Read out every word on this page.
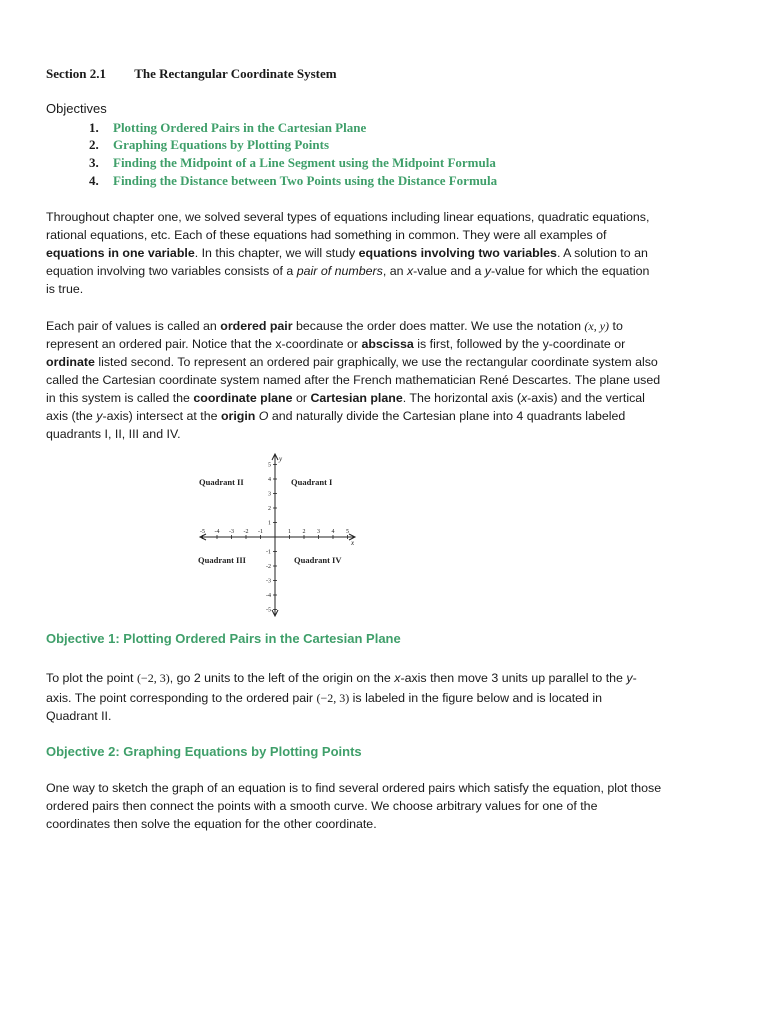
Section 2.1 The Rectangular Coordinate System
Objectives
1. Plotting Ordered Pairs in the Cartesian Plane
2. Graphing Equations by Plotting Points
3. Finding the Midpoint of a Line Segment using the Midpoint Formula
4. Finding the Distance between Two Points using the Distance Formula
Throughout chapter one, we solved several types of equations including linear equations, quadratic equations,
rational equations, etc. Each of these equations had something in common. They were all examples of
equations in one variable. In this chapter, we will study equations involving two variables. A solution to an
equation involving two variables consists of a pair of numbers, an x-value and a y-value for which the equation
is true.
Each pair of values is called an ordered pair because the order does matter. We use the notation (x, y) to
represent an ordered pair. Notice that the x-coordinate or abscissa is first, followed by the y-coordinate or
ordinate listed second. To represent an ordered pair graphically, we use the rectangular coordinate system also
called the Cartesian coordinate system named after the French mathematician René Descartes. The plane used
in this system is called the coordinate plane or Cartesian plane. The horizontal axis (x-axis) and the vertical
axis (the y-axis) intersect at the origin O and naturally divide the Cartesian plane into 4 quadrants labeled
quadrants I, II, III and IV.
-5 -4 -3 -2 -1	1 2 3 4 5
5
4
3
2
1
-1
-2
-3
-4
-5
y
x
Quadrant II	Quadrant I
Quadrant III	Quadrant IV
Objective 1: Plotting Ordered Pairs in the Cartesian Plane
To plot the point (−2, 3), go 2 units to the left of the origin on the x-axis then move 3 units up parallel to the y-
axis. The point corresponding to the ordered pair (−2, 3) is labeled in the figure below and is located in
Quadrant II.
Objective 2: Graphing Equations by Plotting Points
One way to sketch the graph of an equation is to find several ordered pairs which satisfy the equation, plot those
ordered pairs then connect the points with a smooth curve. We choose arbitrary values for one of the
coordinates then solve the equation for the other coordinate.
